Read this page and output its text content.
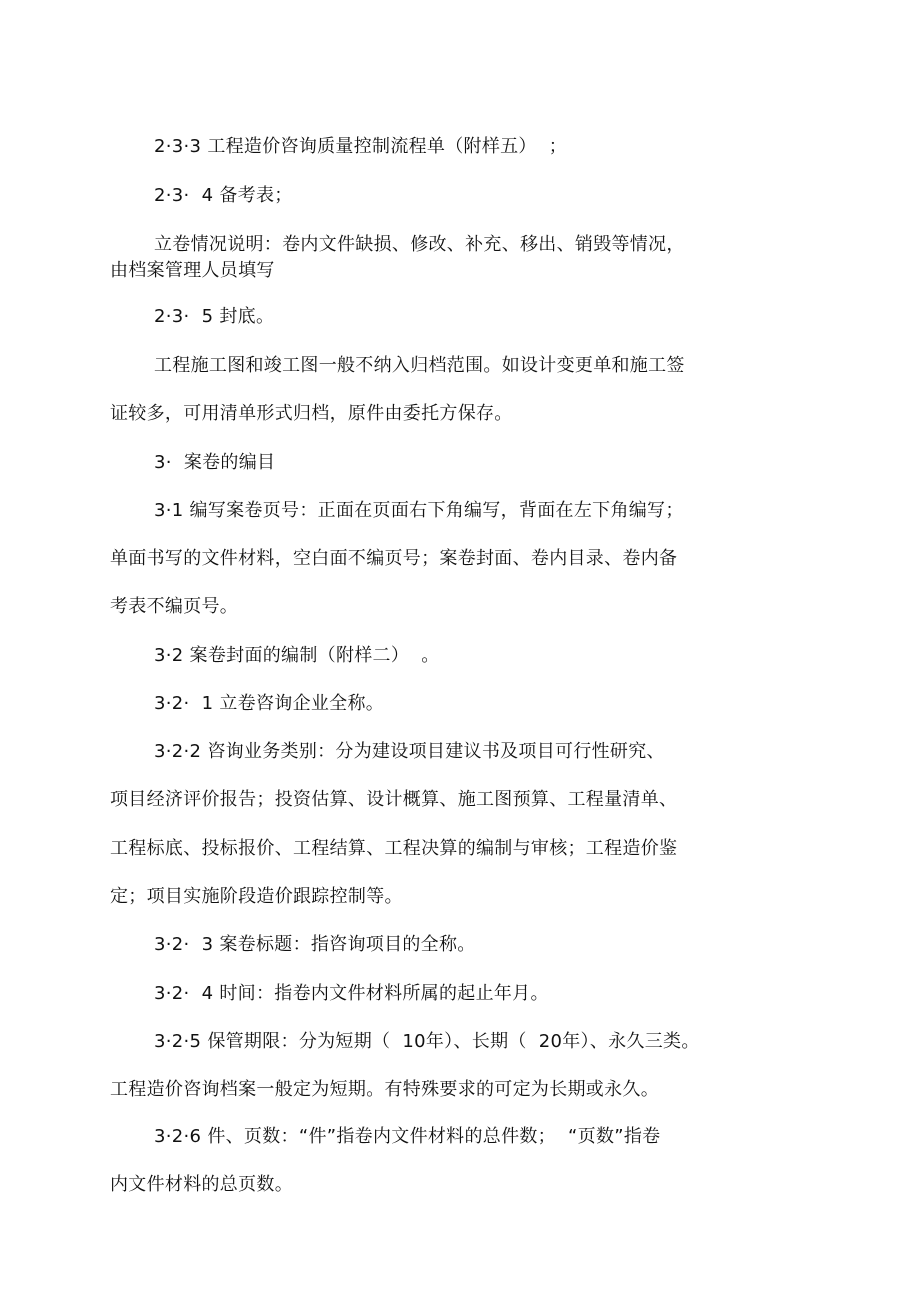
2·3·3 工程造价咨询质量控制流程单（附样五）  ；
2·3·  4 备考表；
立卷情况说明：卷内文件缺损、修改、补充、移出、销毁等情况，
由档案管理人员填写
2·3·  5 封底。
工程施工图和竣工图一般不纳入归档范围。如设计变更单和施工签
证较多，可用清单形式归档，原件由委托方保存。
3·  案卷的编目
3·1 编写案卷页号：正面在页面右下角编写，背面在左下角编写；
单面书写的文件材料，空白面不编页号；案卷封面、卷内目录、卷内备
考表不编页号。
3·2 案卷封面的编制（附样二）  。
3·2·  1 立卷咨询企业全称。
3·2·2 咨询业务类别：分为建设项目建议书及项目可行性研究、
项目经济评价报告；投资估算、设计概算、施工图预算、工程量清单、
工程标底、投标报价、工程结算、工程决算的编制与审核；工程造价鉴
定；项目实施阶段造价跟踪控制等。
3·2·  3 案卷标题：指咨询项目的全称。
3·2·  4 时间：指卷内文件材料所属的起止年月。
3·2·5 保管期限：分为短期（  10年）、长期（  20年）、永久三类。
工程造价咨询档案一般定为短期。有特殊要求的可定为长期或永久。
3·2·6 件、页数：“件”指卷内文件材料的总件数；  “页数”指卷
内文件材料的总页数。
